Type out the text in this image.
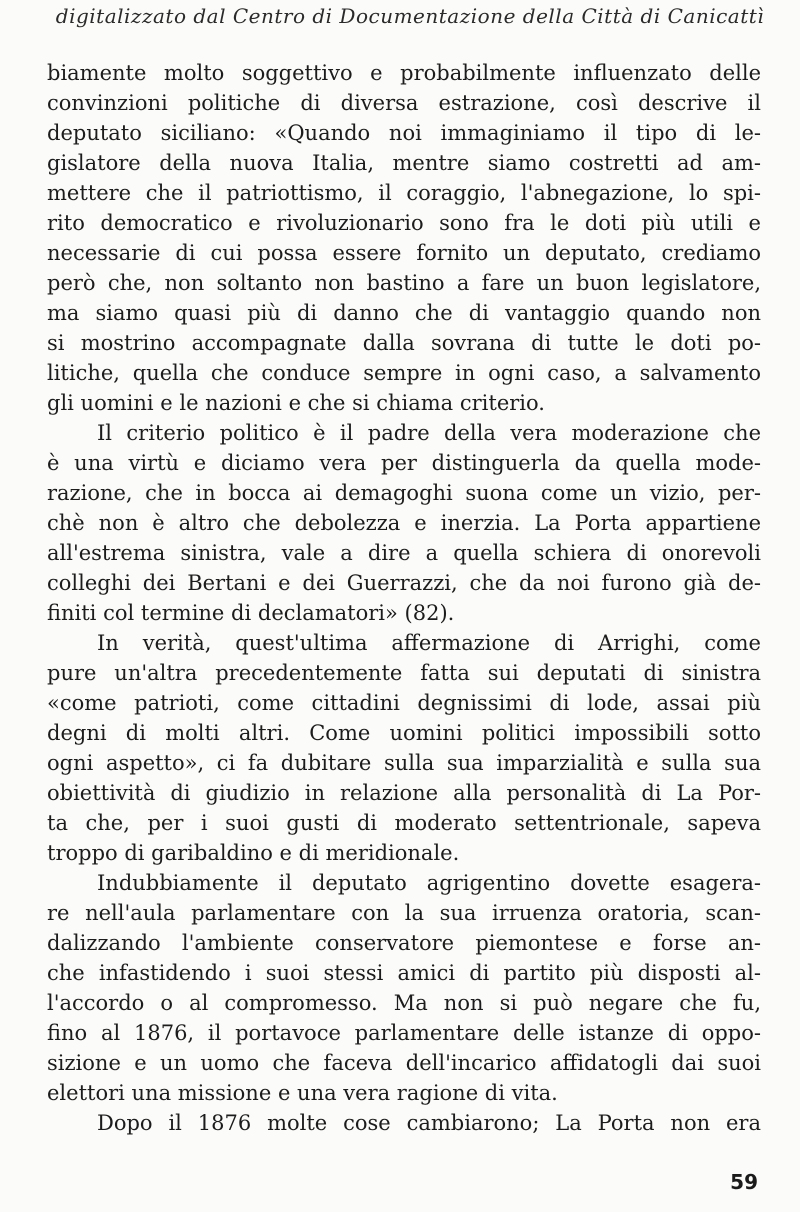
digitalizzato dal Centro di Documentazione della Città di Canicattì

biamente molto soggettivo e probabilmente influenzato delle
convinzioni politiche di diversa estrazione, così descrive il
deputato siciliano: «Quando noi immaginiamo il tipo di le-
gislatore della nuova Italia, mentre siamo costretti ad am-
mettere che il patriottismo, il coraggio, l'abnegazione, lo spi-
rito democratico e rivoluzionario sono fra le doti più utili e
necessarie di cui possa essere fornito un deputato, crediamo
però che, non soltanto non bastino a fare un buon legislatore,
ma siamo quasi più di danno che di vantaggio quando non
si mostrino accompagnate dalla sovrana di tutte le doti po-
litiche, quella che conduce sempre in ogni caso, a salvamento
gli uomini e le nazioni e che si chiama criterio.

Il criterio politico è il padre della vera moderazione che
è una virtù e diciamo vera per distinguerla da quella mode-
razione, che in bocca ai demagoghi suona come un vizio, per-
chè non è altro che debolezza e inerzia. La Porta appartiene
all'estrema sinistra, vale a dire a quella schiera di onorevoli
colleghi dei Bertani e dei Guerrazzi, che da noi furono già de-
finiti col termine di declamatori» (82).

In verità, quest'ultima affermazione di Arrighi, come
pure un'altra precedentemente fatta sui deputati di sinistra
«come patrioti, come cittadini degnissimi di lode, assai più
degni di molti altri. Come uomini politici impossibili sotto
ogni aspetto», ci fa dubitare sulla sua imparzialità e sulla sua
obiettività di giudizio in relazione alla personalità di La Por-
ta che, per i suoi gusti di moderato settentrionale, sapeva
troppo di garibaldino e di meridionale.

Indubbiamente il deputato agrigentino dovette esagera-
re nell'aula parlamentare con la sua irruenza oratoria, scan-
dalizzando l'ambiente conservatore piemontese e forse an-
che infastidendo i suoi stessi amici di partito più disposti al-
l'accordo o al compromesso. Ma non si può negare che fu,
fino al 1876, il portavoce parlamentare delle istanze di oppo-
sizione e un uomo che faceva dell'incarico affidatogli dai suoi
elettori una missione e una vera ragione di vita.

Dopo il 1876 molte cose cambiarono; La Porta non era

59
